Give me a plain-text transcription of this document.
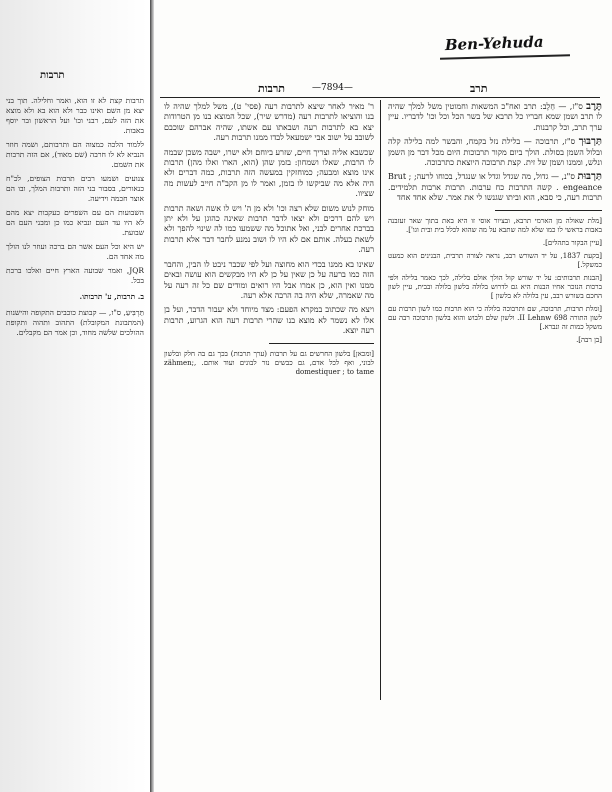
Ben-Yehuda
תרבות
תרבות	—7894—	תרב

תֶּרֶב ס"ז, — חֵלֶב: תרב ואח"כ המשאות וחמוטין משל למלך שהיה לו תרב ושמן שמא חבריו כל תרבא של בשר הכל וכל וכו' לדבריו. עיין ערך תרב, וכל קרבנות.

תַּרְבּוּך ס"ז, תרבוכה — בלילת נזל בקמח, והבשר למה בלילה קלה ובלול השמן בסולת. הולך ביום מקור תרבוכות היום מכל דבר מן השמן ונלש, וממנו ושמן של זית. קצת תרבוכה היוצאת כתרבוכה.

תַּרְבּוּת ס"נ, — גדול, מה שגדל וגדל או שנגדל, בכוחו לרעה; Brut ; engeance . קשה התרבות כח ערבות. תרבות ארבות תלמידים. תרבות רעה, כי סבא, הוא וביתו שגנשו לי את אמר. שלא אחד אחד

[מלת שאולה מן הארמי תרבא, ובציור אוסי זו היא באת בתוך שאר זעזבנה באבות בראשי לו כמו שלא למה שתבא על מה שהוא לכלל בית ובית וגו'].

[עיין הבקור בתהלים].

[בקעת 1837, על יד השורש רבב, נראה לצורה תרבית, הבנינים הוא כמעט כמשקל.]

[הבנות תרבותים: על יד שורש קול הולך אולם בלילה, לכך כאמר בלילה ולפי ברכות הנזכר אחיו הבנות היא גם לדרוש בלולה בלשון בלולה ובבית, עיין לשון החכם בשורש רבב, עין בלולה לא בלשון ]

[ומלת תרבות, תרבוכה, שם ותרבוכה בלולה כי הוא תרבות כמו לשון תרבות עם לשון התורה 698 II Lehnw. ולשון שלם ולבוש והוא בלשון תרבוכה רבה עם משקל כמות זה ונברא.]

[בן רבה].

ר' מאיר לאחר שיצא לתרבות רעה (פסי' ט), משל למלך שהיה לו בנו והוציאו לתרבות רעה (מדרש שיר), שכל המוצא בנו מן הטרודות יצא בא לתרבות רעה ושבאתו עם אשתו, שהיה אברהם שוכבם לשובב על ישוב אבי ישמעאל לבדו ממנו תרבות רעה.

שכשבא אליה וצריך חיים, שזרע ביוחם ולא ישרו, ישבה משכן שבמה לו הרבות, שאלו ושמחון: בזמן שהן (הוא, הארו ואלו מהן) תרבות אינו מוצא ומבעה; כמוחזקין במעשה הזה תרבות, כמה דברים ולא היה אלא מה שביקשו לו בזמן, ואמר לו מן הקב"ה חייב לעשות מה שציוו.

מוחק לנוש משום שלא רצה וכו' ולא מן ה' ויש לו אשה ושאה תרבות ויש להם דרכים ולא יצאו לדבר תרבות שאינה כהוגן על ולא יתן בברכת אחרים לבני, ואל אתוכל מה ששמעו כמו לה שינוי להפך ולא לשאת בעלה. אותם אם לא היו לו ושוב נמנע לחבר דבר אלא תרבות רעה.

שאינו בא ממנו בכדי הוא מחוצה ועל לפי שכבר ניבט לו הבין, והחבר הזה כמו ברעה על כן שאין על כן לא היו מבקשים הוא עושה ובאים ממנו ואין הוא, כן אמרו אבל היו רואים ומודים שם כל זה רעה על מה שאמרה, שלא היה בה הרבה אלא רעה.

ויצא מה שכתוב במקרא הפעם: מצד מיוחד ולא יעבור הדבר, ועל בן אלו לא נשמר לא מוצא בנו שהרי תרבות רעה הוא הגרוע, תרבות רעה יוצא.

[ומכאן] בלשון החרשים גם על תרבות (ערך תרבות) בכך גם בה חלק ובלשון לבוני, ואף לכל אדם, גם כבשים נזר לבונים ועוד אותם. ,zähmen; domestiquer ; to tame

תרבות קצת לא זו הוא, ואמר וחלילה. תוך בני יצא מן השם ואינו כבר ולא הוא בא ולא מוצא את הזה לעם, רבני וכו' ועל הראשון ובר יוסף באבות.

ללמוד הלכה כמצוה הם ותרבותם, ושמה חוזר הנביא לא לו חרבה (שם מאוד), אם הזה תרבות את השמם.

צנועים ושמעו רבים תרבות הצופים, לכ"ח כנאורים, בסבור בני הזה ותרבות המלך, ובו הם אוצר חכמה וידיעה.

השבועות הם עם השפרים כעקבות יצא מהם לא היו עד העם ונביא כמו כן ומבני העם הם שבועת.

יש היא וכל העם אשר הם ברכה ועוזר לנו הולך מה אחד הם.

JQR, ואמר שבועה הארץ חיים ואלכו ברכת בכל.

ב. תרבות, ע' תרבותו.

תַּרְבִּיעַ, ס"ז, — קבוצת כוכבים התקופה והישנות (המתבונת המקובלת) התהוב ותהוה ותקופת ההולכים שלשה מחוד, וכן אמר הם מקבלים.
